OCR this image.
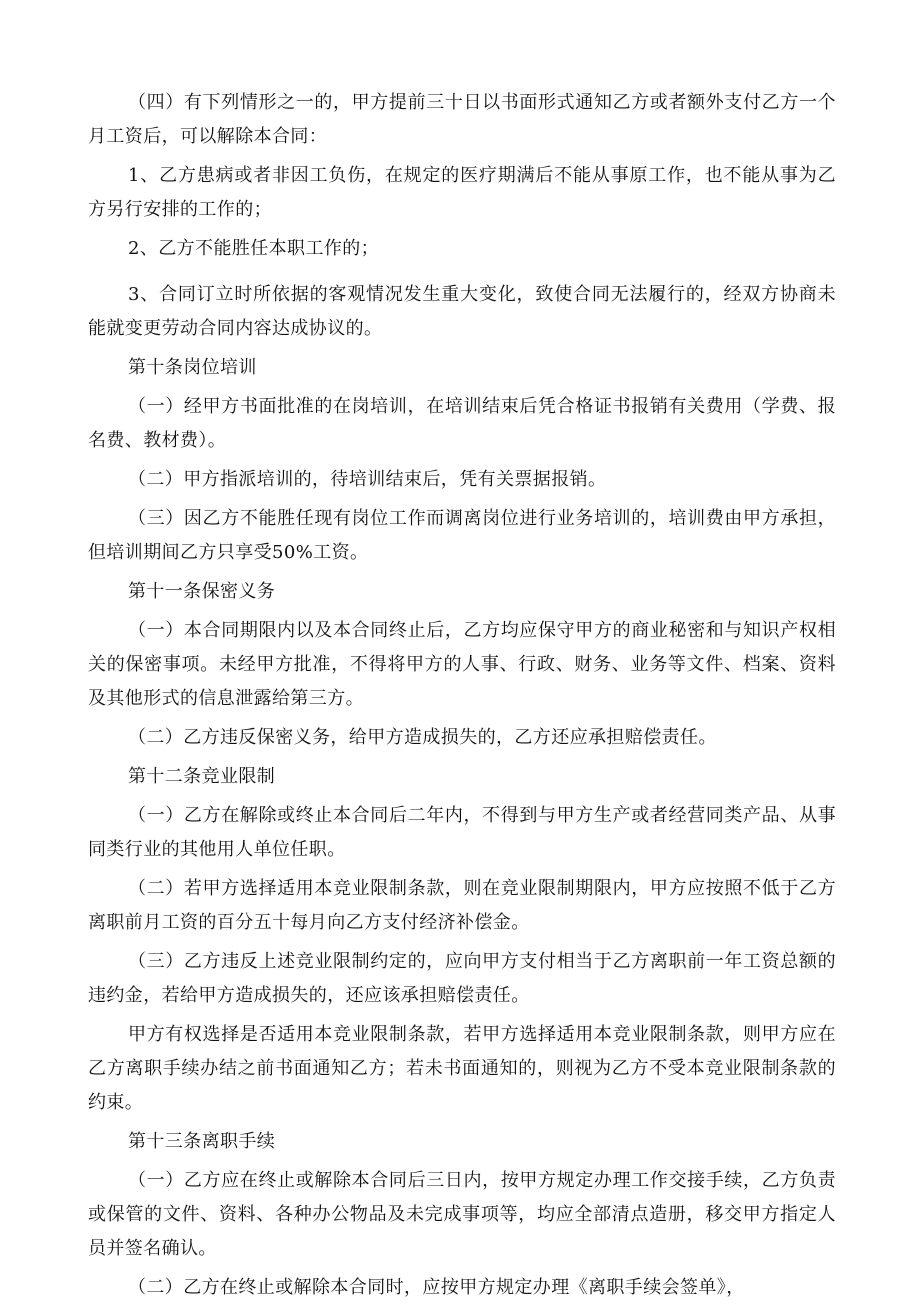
（四）有下列情形之一的，甲方提前三十日以书面形式通知乙方或者额外支付乙方一个月工资后，可以解除本合同：

1、乙方患病或者非因工负伤，在规定的医疗期满后不能从事原工作，也不能从事为乙方另行安排的工作的；

2、乙方不能胜任本职工作的；

3、合同订立时所依据的客观情况发生重大变化，致使合同无法履行的，经双方协商未能就变更劳动合同内容达成协议的。

第十条岗位培训

（一）经甲方书面批准的在岗培训，在培训结束后凭合格证书报销有关费用（学费、报名费、教材费）。

（二）甲方指派培训的，待培训结束后，凭有关票据报销。

（三）因乙方不能胜任现有岗位工作而调离岗位进行业务培训的，培训费由甲方承担，但培训期间乙方只享受50%工资。

第十一条保密义务

（一）本合同期限内以及本合同终止后，乙方均应保守甲方的商业秘密和与知识产权相关的保密事项。未经甲方批准，不得将甲方的人事、行政、财务、业务等文件、档案、资料及其他形式的信息泄露给第三方。

（二）乙方违反保密义务，给甲方造成损失的，乙方还应承担赔偿责任。

第十二条竞业限制

（一）乙方在解除或终止本合同后二年内，不得到与甲方生产或者经营同类产品、从事同类行业的其他用人单位任职。

（二）若甲方选择适用本竞业限制条款，则在竞业限制期限内，甲方应按照不低于乙方离职前月工资的百分五十每月向乙方支付经济补偿金。

（三）乙方违反上述竞业限制约定的，应向甲方支付相当于乙方离职前一年工资总额的违约金，若给甲方造成损失的，还应该承担赔偿责任。

甲方有权选择是否适用本竞业限制条款，若甲方选择适用本竞业限制条款，则甲方应在乙方离职手续办结之前书面通知乙方；若未书面通知的，则视为乙方不受本竞业限制条款的约束。

第十三条离职手续

（一）乙方应在终止或解除本合同后三日内，按甲方规定办理工作交接手续，乙方负责或保管的文件、资料、各种办公物品及未完成事项等，均应全部清点造册，移交甲方指定人员并签名确认。

（二）乙方在终止或解除本合同时，应按甲方规定办理《离职手续会签单》，
